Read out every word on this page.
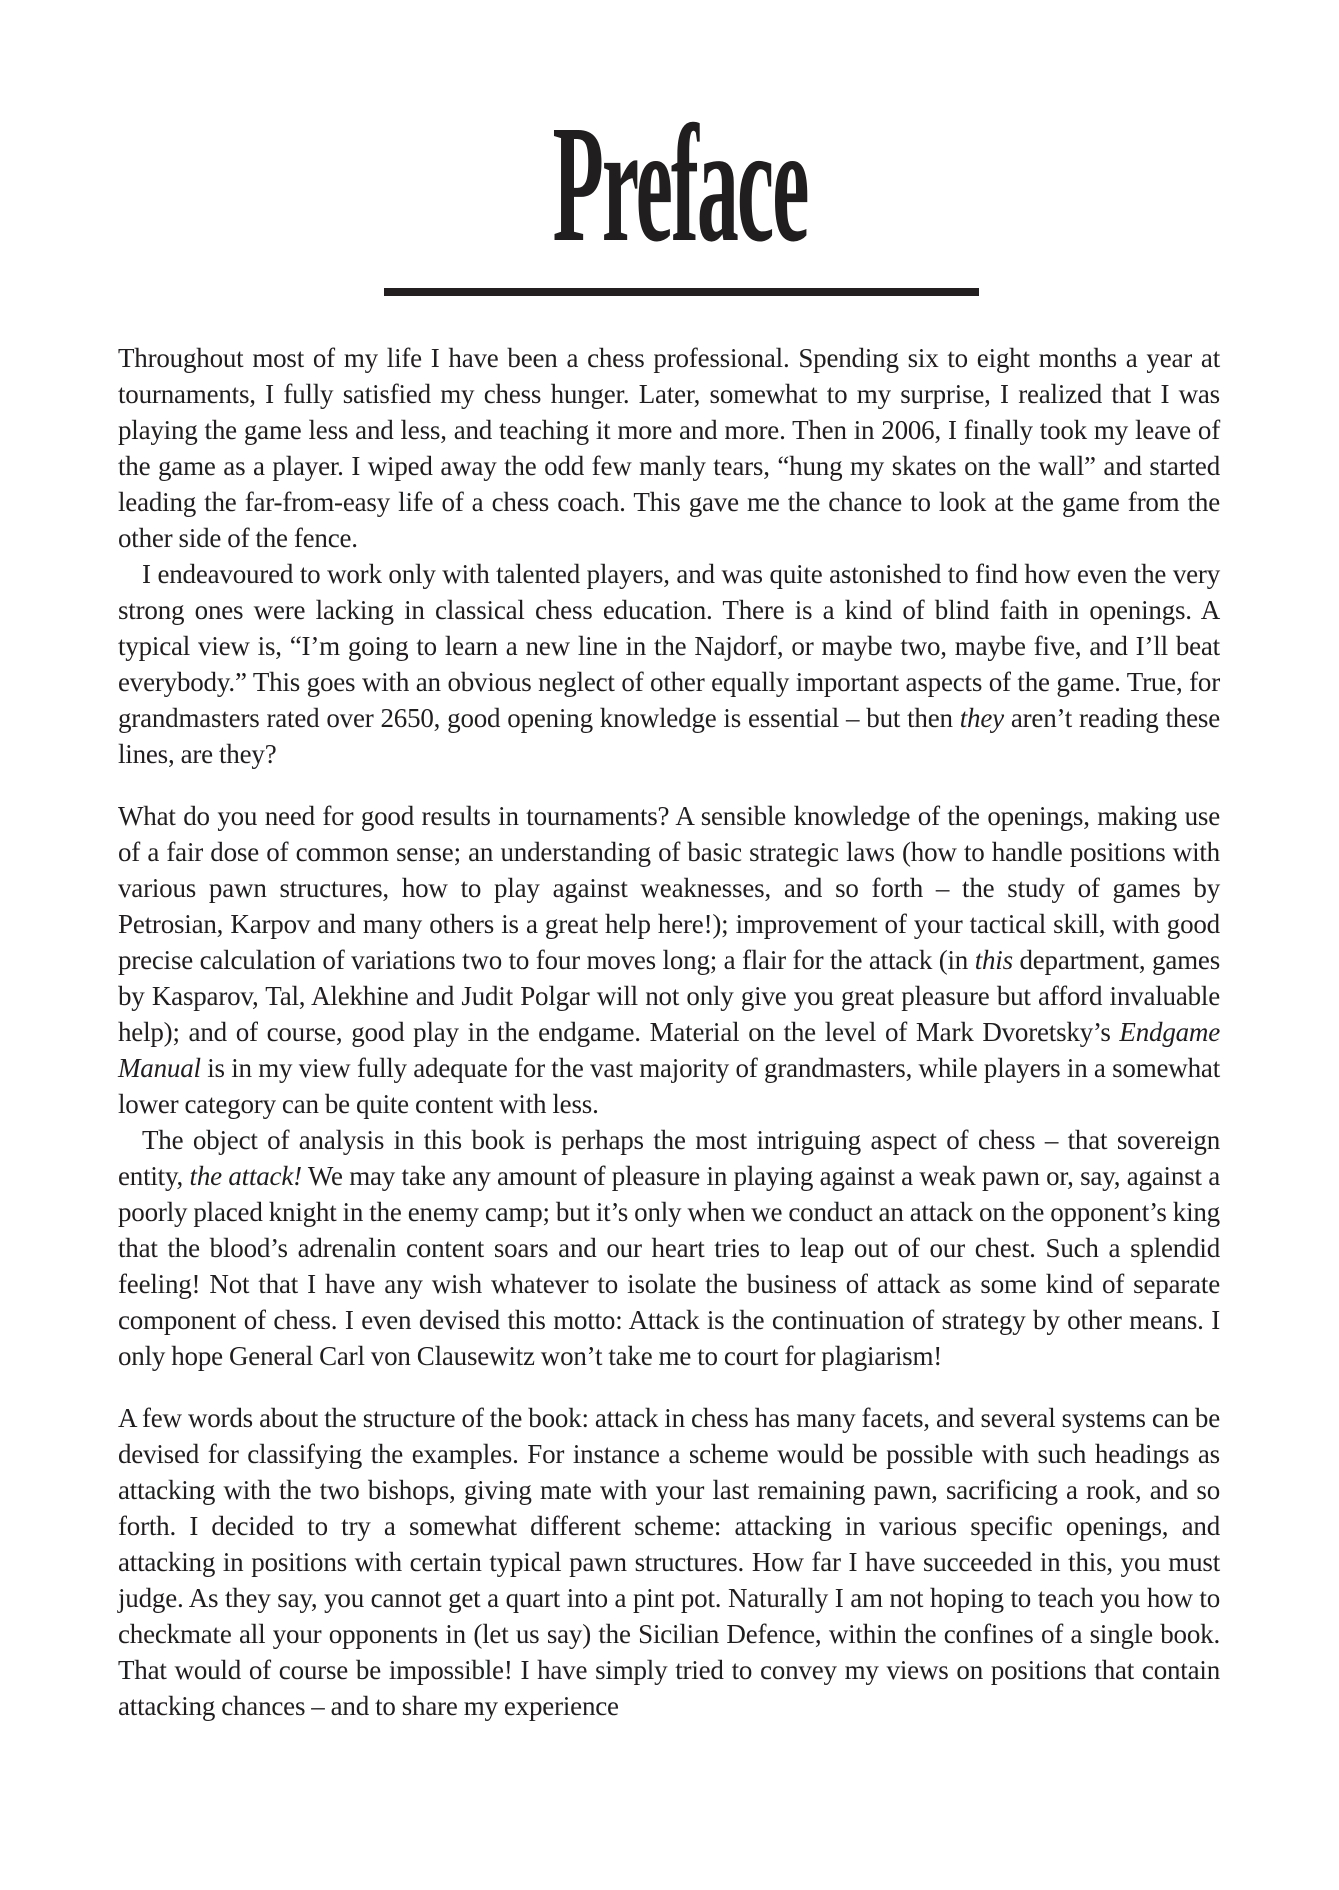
Preface

Throughout most of my life I have been a chess professional. Spending six to eight months a year at tournaments, I fully satisfied my chess hunger. Later, somewhat to my surprise, I realized that I was playing the game less and less, and teaching it more and more. Then in 2006, I finally took my leave of the game as a player. I wiped away the odd few manly tears, “hung my skates on the wall” and started leading the far-from-easy life of a chess coach. This gave me the chance to look at the game from the other side of the fence.

I endeavoured to work only with talented players, and was quite astonished to find how even the very strong ones were lacking in classical chess education. There is a kind of blind faith in openings. A typical view is, “I’m going to learn a new line in the Najdorf, or maybe two, maybe five, and I’ll beat everybody.” This goes with an obvious neglect of other equally important aspects of the game. True, for grandmasters rated over 2650, good opening knowledge is essential – but then they aren’t reading these lines, are they?

What do you need for good results in tournaments? A sensible knowledge of the openings, making use of a fair dose of common sense; an understanding of basic strategic laws (how to handle positions with various pawn structures, how to play against weaknesses, and so forth – the study of games by Petrosian, Karpov and many others is a great help here!); improvement of your tactical skill, with good precise calculation of variations two to four moves long; a flair for the attack (in this department, games by Kasparov, Tal, Alekhine and Judit Polgar will not only give you great pleasure but afford invaluable help); and of course, good play in the endgame. Material on the level of Mark Dvoretsky’s Endgame Manual is in my view fully adequate for the vast majority of grandmasters, while players in a somewhat lower category can be quite content with less.

The object of analysis in this book is perhaps the most intriguing aspect of chess – that sovereign entity, the attack! We may take any amount of pleasure in playing against a weak pawn or, say, against a poorly placed knight in the enemy camp; but it’s only when we conduct an attack on the opponent’s king that the blood’s adrenalin content soars and our heart tries to leap out of our chest. Such a splendid feeling! Not that I have any wish whatever to isolate the business of attack as some kind of separate component of chess. I even devised this motto: Attack is the continuation of strategy by other means. I only hope General Carl von Clausewitz won’t take me to court for plagiarism!

A few words about the structure of the book: attack in chess has many facets, and several systems can be devised for classifying the examples. For instance a scheme would be possible with such headings as attacking with the two bishops, giving mate with your last remaining pawn, sacrificing a rook, and so forth. I decided to try a somewhat different scheme: attacking in various specific openings, and attacking in positions with certain typical pawn structures. How far I have succeeded in this, you must judge. As they say, you cannot get a quart into a pint pot. Naturally I am not hoping to teach you how to checkmate all your opponents in (let us say) the Sicilian Defence, within the confines of a single book. That would of course be impossible! I have simply tried to convey my views on positions that contain attacking chances – and to share my experience
